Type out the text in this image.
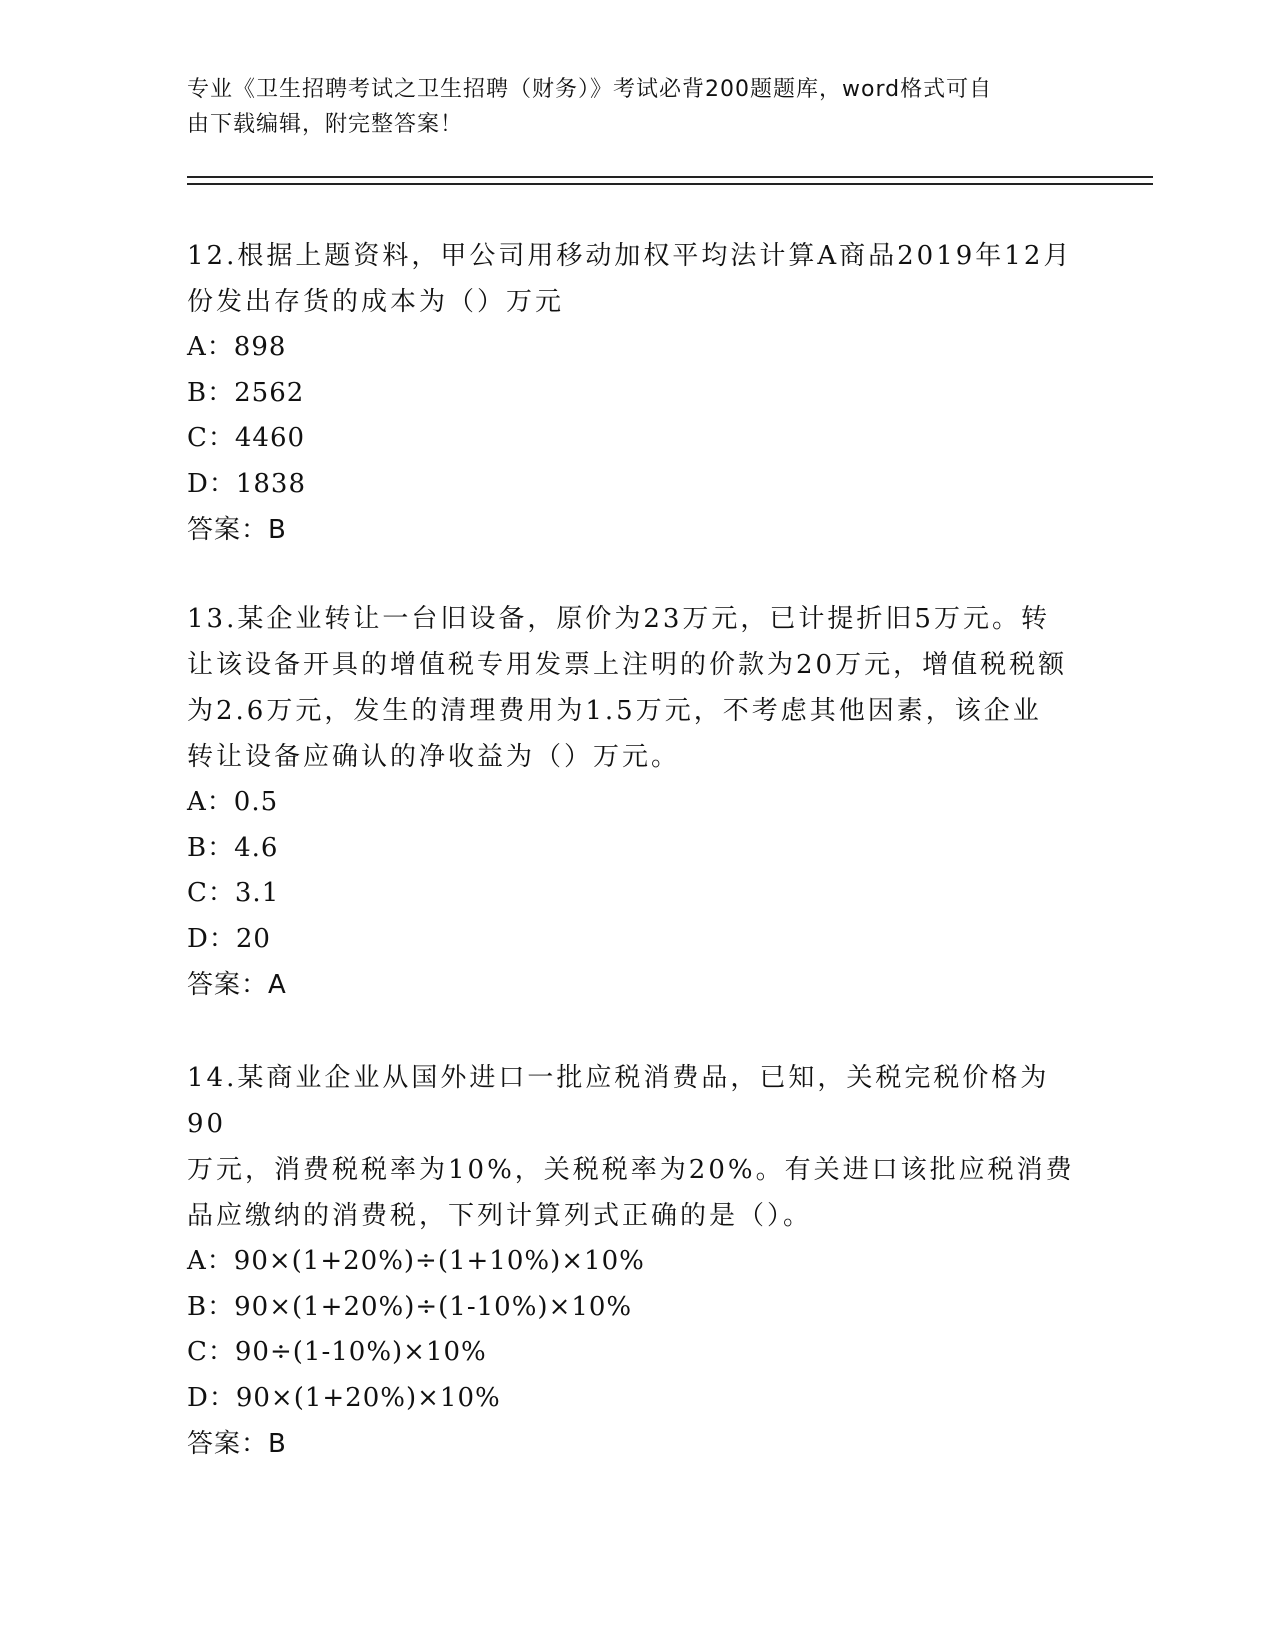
专业《卫生招聘考试之卫生招聘（财务）》考试必背200题题库，word格式可自
由下载编辑，附完整答案！

12.根据上题资料，甲公司用移动加权平均法计算A商品2019年12月

份发出存货的成本为（）万元

A：898

B：2562

C：4460

D：1838

答案：B

13.某企业转让一台旧设备，原价为23万元，已计提折旧5万元。转

让该设备开具的增值税专用发票上注明的价款为20万元，增值税税额

为2.6万元，发生的清理费用为1.5万元，不考虑其他因素，该企业

转让设备应确认的净收益为（）万元。

A：0.5

B：4.6

C：3.1

D：20

答案：A

14.某商业企业从国外进口一批应税消费品，已知，关税完税价格为90

万元，消费税税率为10%，关税税率为20%。有关进口该批应税消费

品应缴纳的消费税，下列计算列式正确的是（）。

A：90×(1+20%)÷(1+10%)×10%

B：90×(1+20%)÷(1-10%)×10%

C：90÷(1-10%)×10%

D：90×(1+20%)×10%

答案：B
